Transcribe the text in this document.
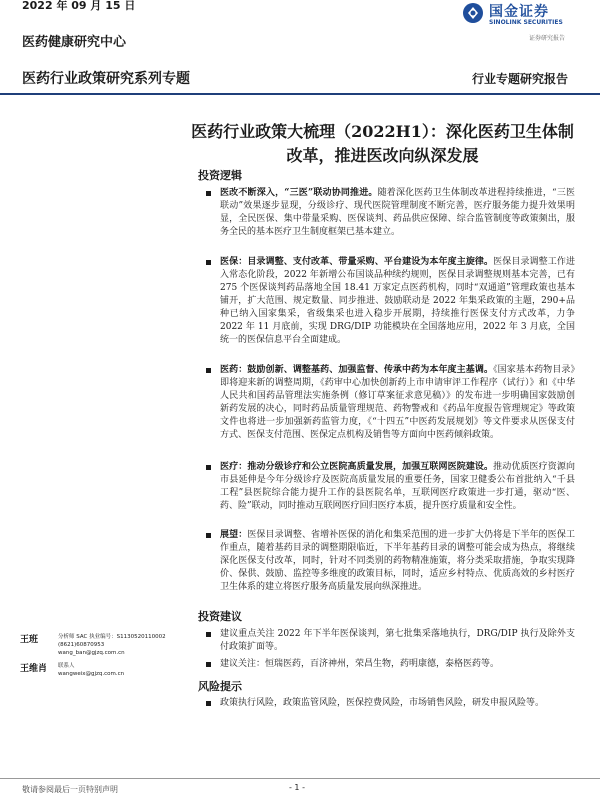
2022 年 09 月 15 日
医药健康研究中心
国金证券
SINOLINK SECURITIES
证券研究报告
医药行业政策研究系列专题	行业专题研究报告
医药行业政策大梳理（2022H1）：深化医药卫生体制改革，推进医改向纵深发展
投资逻辑
医改不断深入，“三医”联动协同推进。随着深化医药卫生体制改革进程持续推进，“三医联动”效果逐步显现，分级诊疗、现代医院管理制度不断完善，医疗服务能力提升效果明显，全民医保、集中带量采购、医保谈判、药品供应保障、综合监管制度等政策频出，服务全民的基本医疗卫生制度框架已基本建立。
医保：目录调整、支付改革、带量采购、平台建设为本年度主旋律。医保目录调整工作进入常态化阶段，2022 年新增公布国谈品种续约规则，医保目录调整规则基本完善，已有 275 个医保谈判药品落地全国 18.41 万家定点医药机构，同时“双通道”管理政策也基本铺开，扩大范围、规定数量、同步推进、鼓励联动是 2022 年集采政策的主题，290+品种已纳入国家集采，省级集采也进入稳步开展期，持续推行医保支付方式改革，力争 2022 年 11 月底前，实现 DRG/DIP 功能模块在全国落地应用，2022 年 3 月底，全国统一的医保信息平台全面建成。
医药：鼓励创新、调整基药、加强监督、传承中药为本年度主基调。《国家基本药物目录》即将迎来新的调整周期，《药审中心加快创新药上市申请审评工作程序（试行）》和《中华人民共和国药品管理法实施条例（修订草案征求意见稿）》的发布进一步明确国家鼓励创新药发展的决心，同时药品质量管理规范、药物警戒和《药品年度报告管理规定》等政策文件也将进一步加强新药监管力度，《“十四五”中医药发展规划》等文件要求从医保支付方式、医保支付范围、医保定点机构及销售等方面向中医药倾斜政策。
医疗：推动分级诊疗和公立医院高质量发展，加强互联网医院建设。推动优质医疗资源向市县延伸是今年分级诊疗及医院高质量发展的重要任务，国家卫健委公布首批纳入“千县工程”县医院综合能力提升工作的县医院名单，互联网医疗政策进一步打通，驱动“医、药、险”联动，同时推动互联网医疗回归医疗本质，提升医疗质量和安全性。
展望：医保目录调整、省增补医保的消化和集采范围的进一步扩大仍将是下半年的医保工作重点，随着基药目录的调整期限临近，下半年基药目录的调整可能会成为热点，将继续深化医保支付改革，同时，针对不同类别的药物精准施策，将分类采取措施，争取实现降价、保供、鼓励、监控等多维度的政策目标，同时，适应乡村特点、优质高效的乡村医疗卫生体系的建立将医疗服务高质量发展向纵深推进。
投资建议
建议重点关注 2022 年下半年医保谈判，第七批集采落地执行，DRG/DIP 执行及除外支付政策扩面等。
建议关注：恒瑞医药，百济神州，荣昌生物，药明康德，泰格医药等。
风险提示
政策执行风险，政策监管风险，医保控费风险，市场销售风险，研发申报风险等。
王班	分析师 SAC 执业编号：S1130520110002
(8621)60870953
wang_ban@gjzq.com.cn
王维肖 联系人
wangweix@gjzq.com.cn
- 1 -
敬请参阅最后一页特别声明
